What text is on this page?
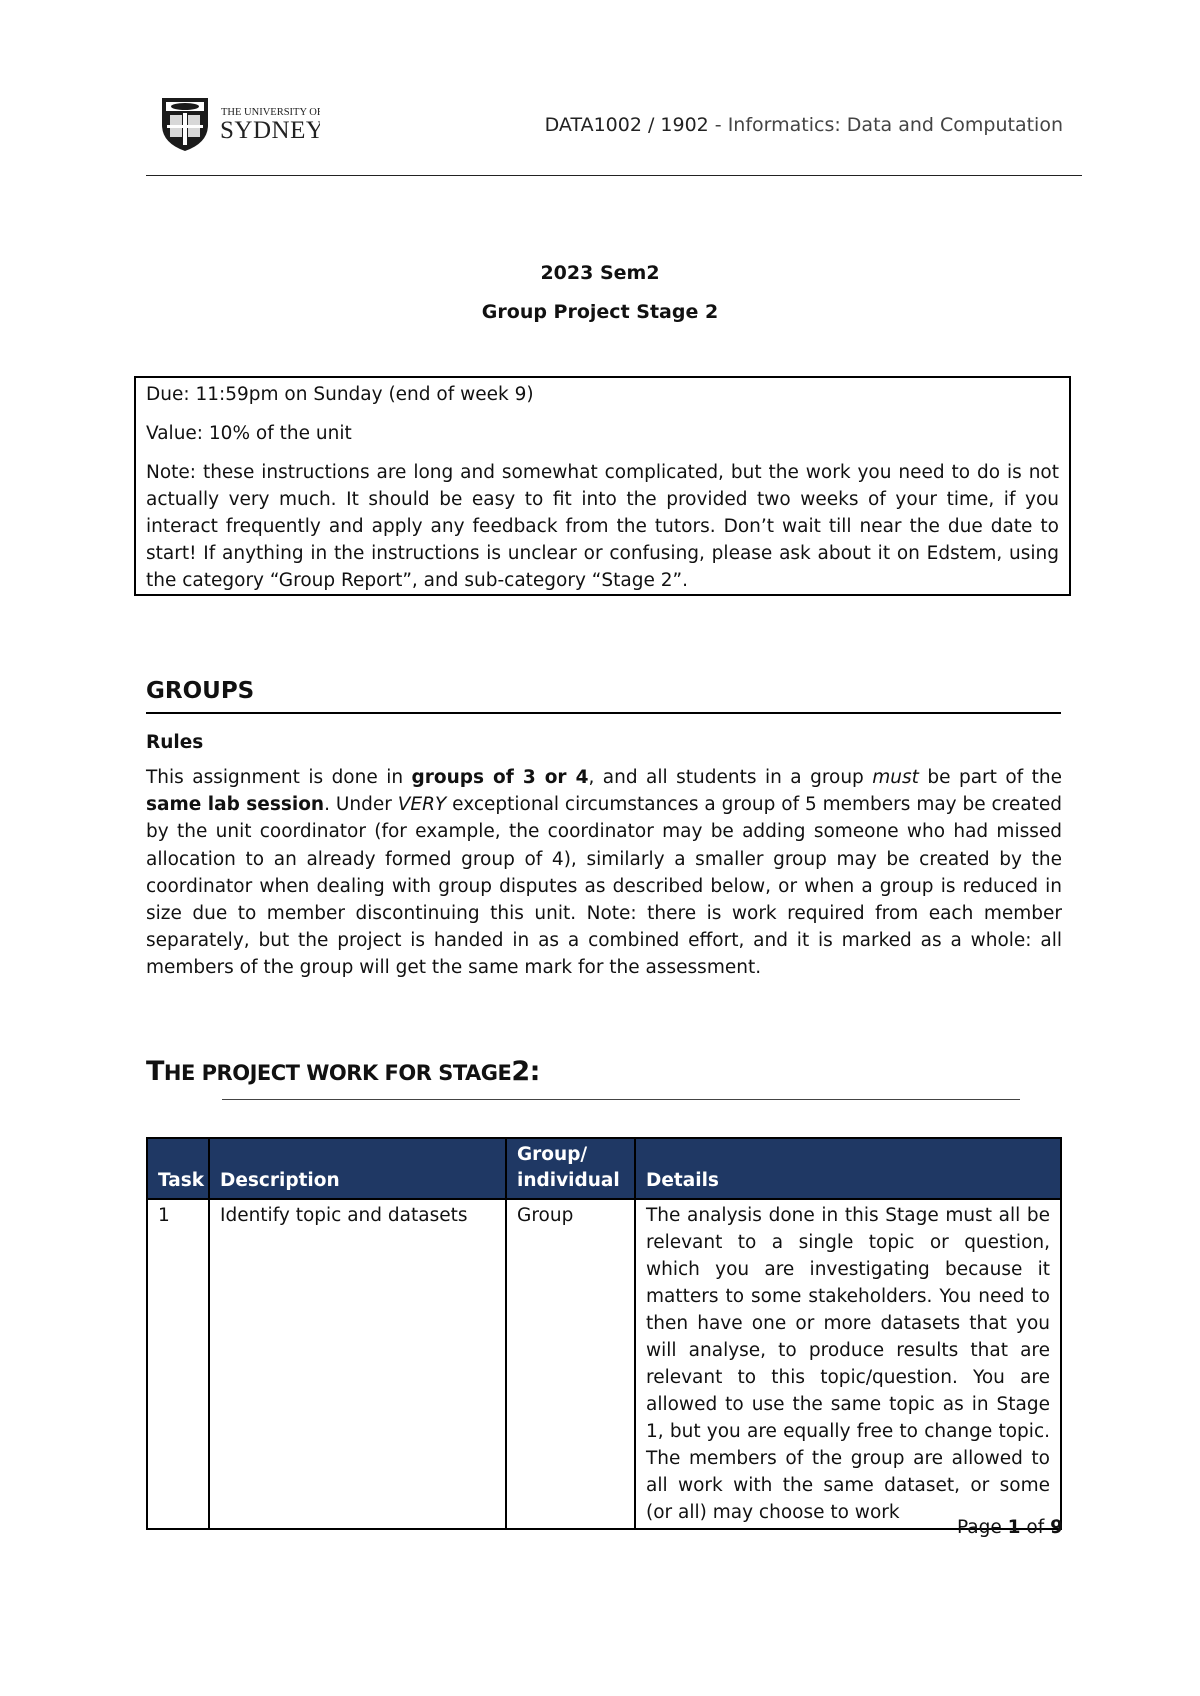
THE UNIVERSITY OF
SYDNEY	DATA1002 / 1902 - Informatics: Data and Computation
2023 Sem2
Group Project Stage 2

Due: 11:59pm on Sunday (end of week 9)

Value: 10% of the unit

Note: these instructions are long and somewhat complicated, but the work you need to do is not actually very much. It should be easy to fit into the provided two weeks of your time, if you interact frequently and apply any feedback from the tutors. Don’t wait till near the due date to start! If anything in the instructions is unclear or confusing, please ask about it on Edstem, using the category “Group Report”, and sub-category “Stage 2”.

GROUPS
Rules
This assignment is done in groups of 3 or 4, and all students in a group must be part of the same lab session. Under VERY exceptional circumstances a group of 5 members may be created by the unit coordinator (for example, the coordinator may be adding someone who had missed allocation to an already formed group of 4), similarly a smaller group may be created by the coordinator when dealing with group disputes as described below, or when a group is reduced in size due to member discontinuing this unit. Note: there is work required from each member separately, but the project is handed in as a combined effort, and it is marked as a whole: all members of the group will get the same mark for the assessment.
THE PROJECT WORK FOR STAGE2:
Task	Description	Group/ individual	Details
1	Identify topic and datasets	Group	The analysis done in this Stage must all be relevant to a single topic or question, which you are investigating because it matters to some stakeholders. You need to then have one or more datasets that you will analyse, to produce results that are relevant to this topic/question. You are allowed to use the same topic as in Stage 1, but you are equally free to change topic. The members of the group are allowed to all work with the same dataset, or some (or all) may choose to work
Page 1 of 9
